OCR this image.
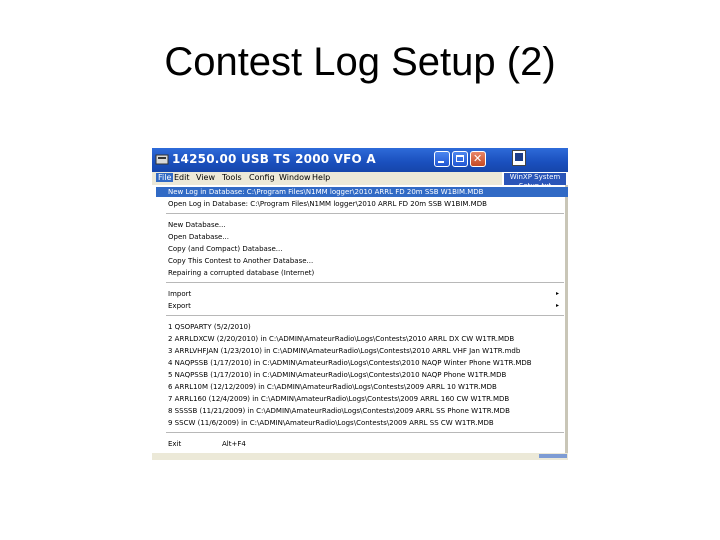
Contest Log Setup (2)
14250.00 USB TS 2000 VFO A	✕
WinXP System
File Edit View Tools Config Window Help
New Log in Database: C:\Program Files\N1MM logger\2010 ARRL FD 20m SSB W1BIM.MDB
Open Log in Database: C:\Program Files\N1MM logger\2010 ARRL FD 20m SSB W1BIM.MDB
New Database...
Open Database...
Copy (and Compact) Database...
Copy This Contest to Another Database...
Repairing a corrupted database (Internet)
Import	▸
Export	▸
1 QSOPARTY (5/2/2010)
2 ARRLDXCW (2/20/2010) in C:\ADMIN\AmateurRadio\Logs\Contests\2010 ARRL DX CW W1TR.MDB
3 ARRLVHFJAN (1/23/2010) in C:\ADMIN\AmateurRadio\Logs\Contests\2010 ARRL VHF Jan W1TR.mdb
4 NAQPSSB (1/17/2010) in C:\ADMIN\AmateurRadio\Logs\Contests\2010 NAQP Winter Phone W1TR.MDB
5 NAQPSSB (1/17/2010) in C:\ADMIN\AmateurRadio\Logs\Contests\2010 NAQP Phone W1TR.MDB
6 ARRL10M (12/12/2009) in C:\ADMIN\AmateurRadio\Logs\Contests\2009 ARRL 10 W1TR.MDB
7 ARRL160 (12/4/2009) in C:\ADMIN\AmateurRadio\Logs\Contests\2009 ARRL 160 CW W1TR.MDB
8 SSSSB (11/21/2009) in C:\ADMIN\AmateurRadio\Logs\Contests\2009 ARRL SS Phone W1TR.MDB
9 SSCW (11/6/2009) in C:\ADMIN\AmateurRadio\Logs\Contests\2009 ARRL SS CW W1TR.MDB
Exit	Alt+F4
